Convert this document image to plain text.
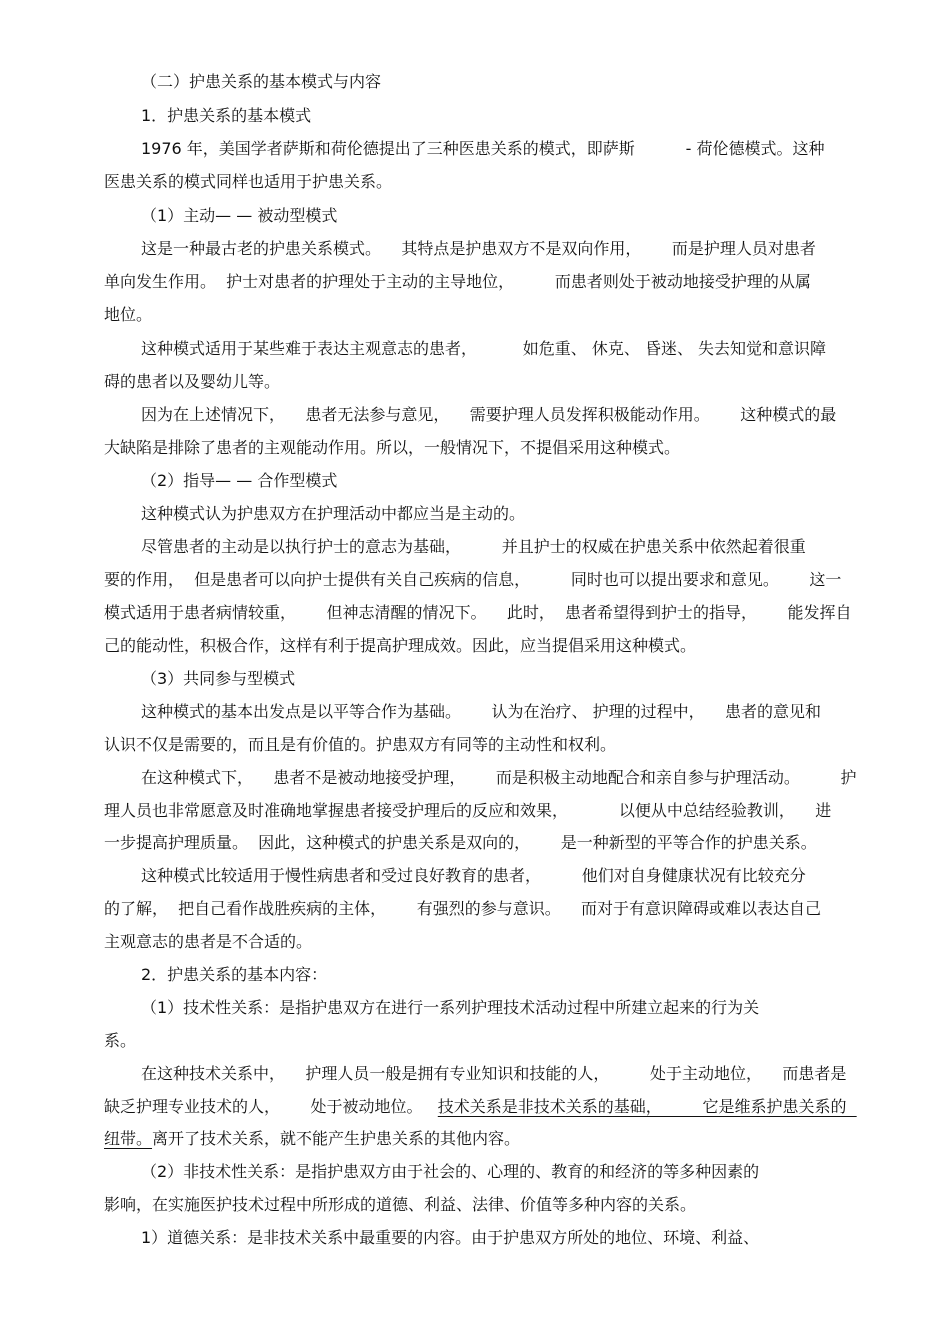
（二）护患关系的基本模式与内容

1．护患关系的基本模式

1976 年，美国学者萨斯和荷伦德提出了三种医患关系的模式，即萨斯          - 荷伦德模式。这种

医患关系的模式同样也适用于护患关系。

（1）主动— — 被动型模式

这是一种最古老的护患关系模式。    其特点是护患双方不是双向作用，      而是护理人员对患者

单向发生作用。  护士对患者的护理处于主动的主导地位，        而患者则处于被动地接受护理的从属

地位。

这种模式适用于某些难于表达主观意志的患者，         如危重、 休克、 昏迷、 失去知觉和意识障

碍的患者以及婴幼儿等。

因为在上述情况下，    患者无法参与意见，    需要护理人员发挥积极能动作用。      这种模式的最

大缺陷是排除了患者的主观能动作用。所以，一般情况下，不提倡采用这种模式。

（2）指导— — 合作型模式

这种模式认为护患双方在护理活动中都应当是主动的。

尽管患者的主动是以执行护士的意志为基础，        并且护士的权威在护患关系中依然起着很重

要的作用，  但是患者可以向护士提供有关自己疾病的信息，        同时也可以提出要求和意见。      这一

模式适用于患者病情较重，      但神志清醒的情况下。    此时，  患者希望得到护士的指导，      能发挥自

己的能动性，积极合作，这样有利于提高护理成效。因此，应当提倡采用这种模式。

（3）共同参与型模式

这种模式的基本出发点是以平等合作为基础。      认为在治疗、 护理的过程中，    患者的意见和

认识不仅是需要的，而且是有价值的。护患双方有同等的主动性和权利。

在这种模式下，    患者不是被动地接受护理，      而是积极主动地配合和亲自参与护理活动。        护

理人员也非常愿意及时准确地掌握患者接受护理后的反应和效果，          以便从中总结经验教训，    进

一步提高护理质量。  因此，这种模式的护患关系是双向的，      是一种新型的平等合作的护患关系。

这种模式比较适用于慢性病患者和受过良好教育的患者，        他们对自身健康状况有比较充分

的了解，  把自己看作战胜疾病的主体，      有强烈的参与意识。    而对于有意识障碍或难以表达自己

主观意志的患者是不合适的。

2．护患关系的基本内容：

（1）技术性关系：是指护患双方在进行一系列护理技术活动过程中所建立起来的行为关

系。

在这种技术关系中，    护理人员一般是拥有专业知识和技能的人，        处于主动地位，    而患者是

缺乏护理专业技术的人，      处于被动地位。   技术关系是非技术关系的基础，        它是维系护患关系的

纽带。离开了技术关系，就不能产生护患关系的其他内容。

（2）非技术性关系：是指护患双方由于社会的、心理的、教育的和经济的等多种因素的

影响，在实施医护技术过程中所形成的道德、利益、法律、价值等多种内容的关系。

1）道德关系：是非技术关系中最重要的内容。由于护患双方所处的地位、环境、利益、
